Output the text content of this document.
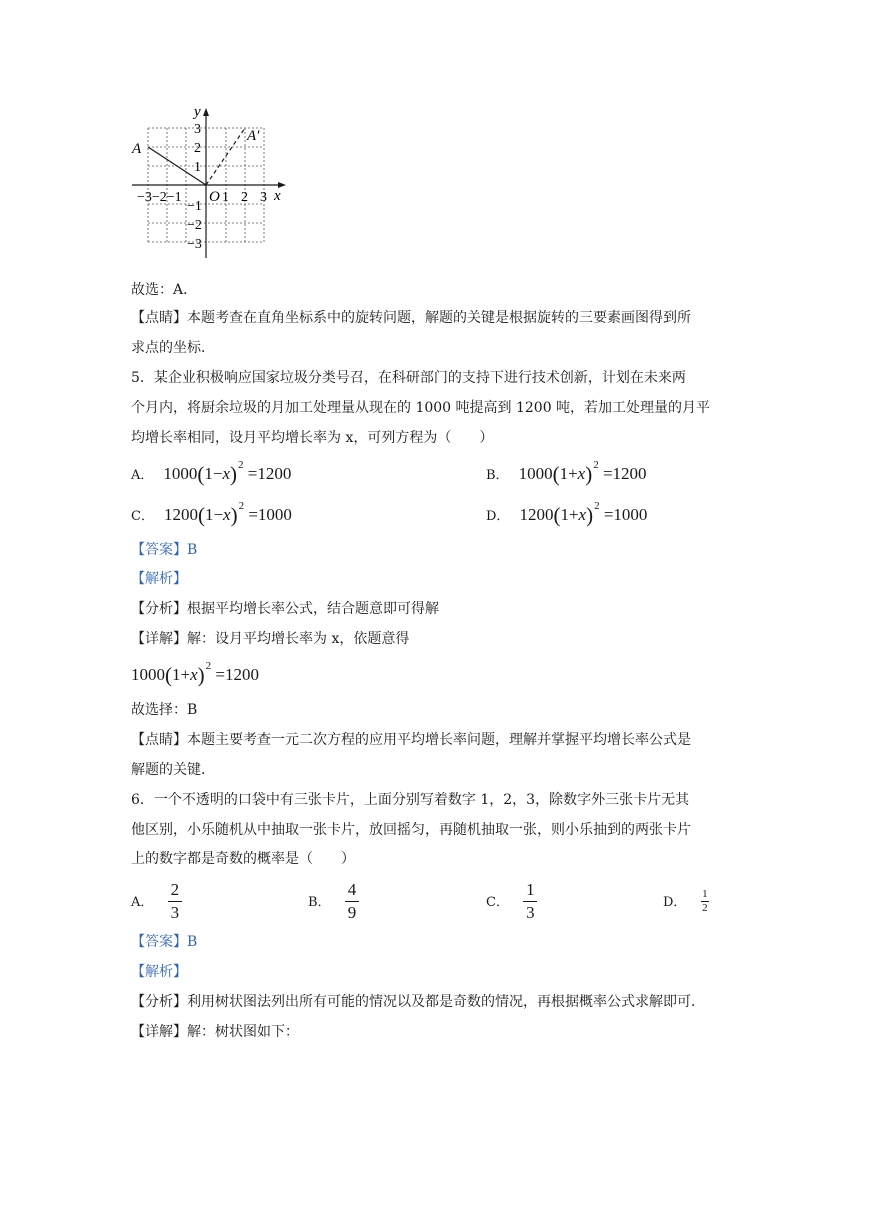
y
x
A
A′
O
−3−2−1	1 2 3
3
2
1
−1
−2
−3
故选：A．
【点睛】本题考查在直角坐标系中的旋转问题，解题的关键是根据旋转的三要素画图得到所
求点的坐标．
5．某企业积极响应国家垃圾分类号召，在科研部门的支持下进行技术创新，计划在未来两
个月内，将厨余垃圾的月加工处理量从现在的 1000 吨提高到 1200 吨，若加工处理量的月平
均增长率相同，设月平均增长率为 x，可列方程为（　　）
A． $1000(1-x)^2 =1200$	B． $1000(1+x)^2 =1200$
C． $1200(1-x)^2 =1000$	D． $1200(1+x)^2 =1000$
【答案】B
【解析】
【分析】根据平均增长率公式，结合题意即可得解
【详解】解：设月平均增长率为 x，依题意得
$1000(1+x)^2 =1200$
故选择：B
【点睛】本题主要考查一元二次方程的应用平均增长率问题，理解并掌握平均增长率公式是
解题的关键．
6．一个不透明的口袋中有三张卡片，上面分别写着数字 1，2，3，除数字外三张卡片无其
他区别，小乐随机从中抽取一张卡片，放回摇匀，再随机抽取一张，则小乐抽到的两张卡片
上的数字都是奇数的概率是（　　）
A． $\frac{2}{3}$	B． $\frac{4}{9}$	C． $\frac{1}{3}$	D． $\frac{1}{2}$
【答案】B
【解析】
【分析】利用树状图法列出所有可能的情况以及都是奇数的情况，再根据概率公式求解即可．
【详解】解：树状图如下：
